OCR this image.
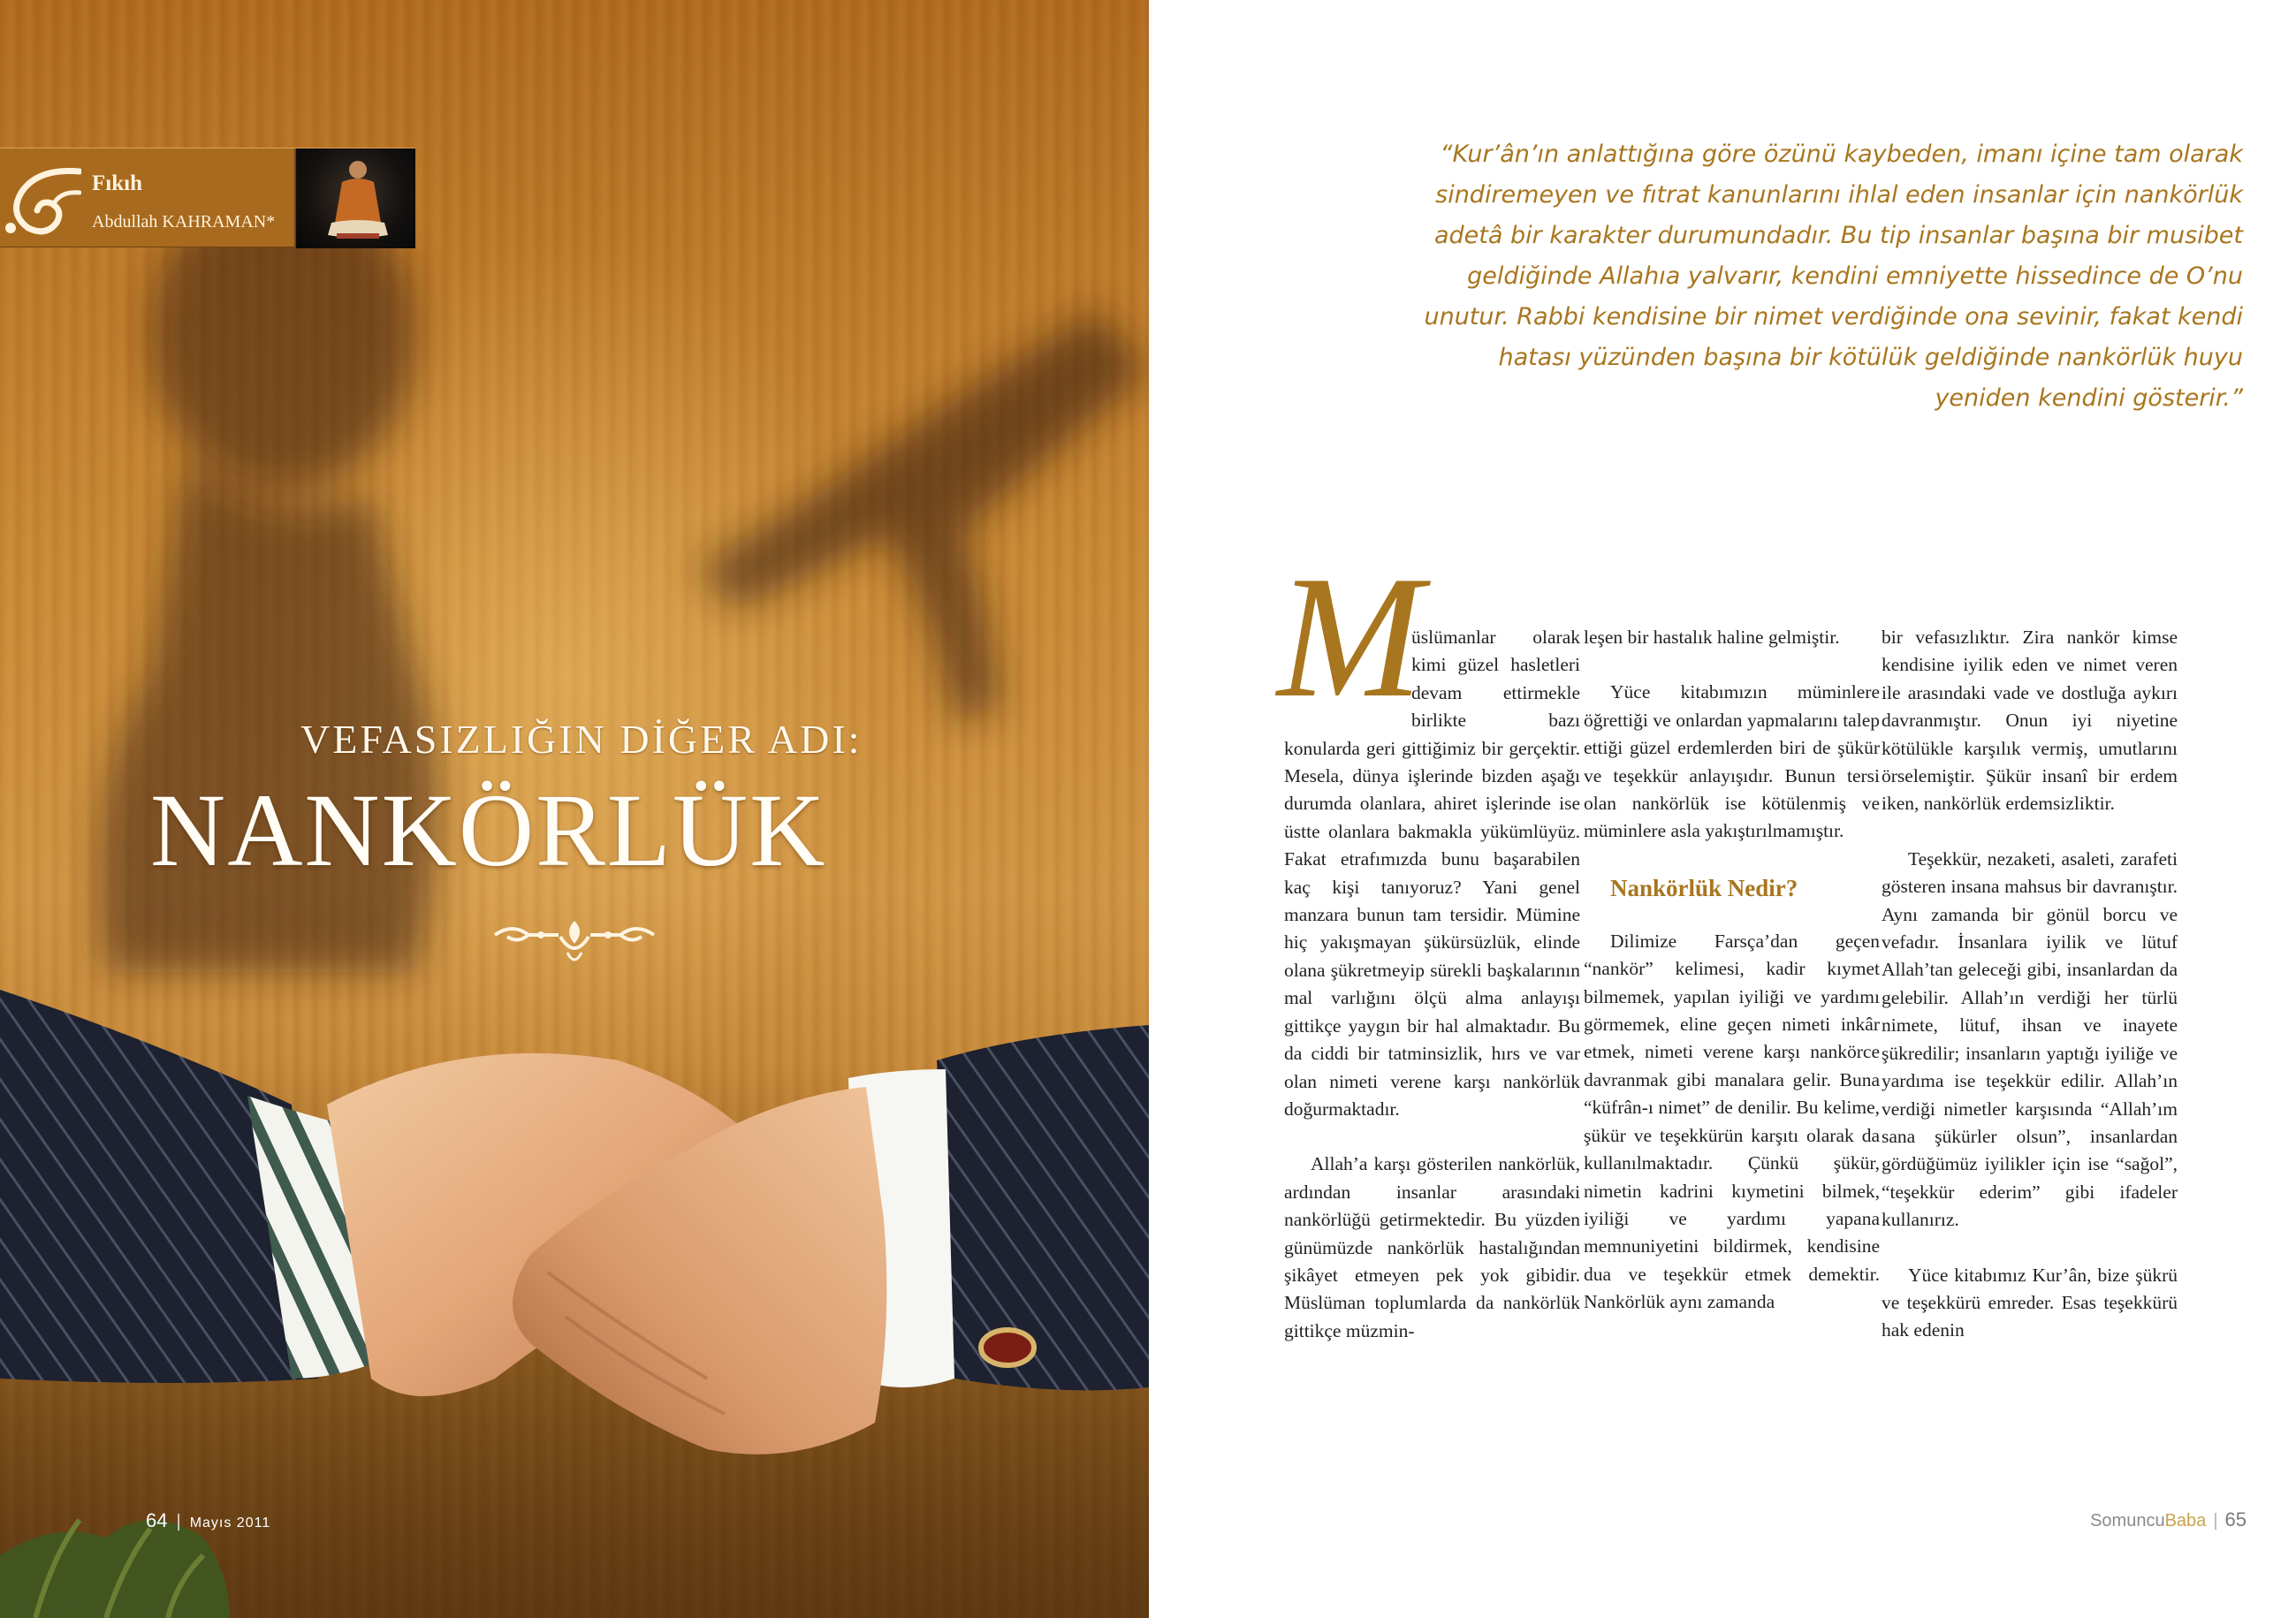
Fıkıh
Abdullah KAHRAMAN*
VEFASIZLIĞIN DİĞER ADI:
NANKÖRLÜK
64 | Mayıs 2011
“Kur’ân’ın anlattığına göre özünü kaybeden, imanı içine tam olarak sindiremeyen ve fıtrat kanunlarını ihlal eden insanlar için nankörlük adetâ bir karakter durumundadır. Bu tip insanlar başına bir musibet geldiğinde Allahıa yalvarır, kendini emniyette hissedince de O’nu unutur. Rabbi kendisine bir nimet verdiğinde ona sevinir, fakat kendi hatası yüzünden başına bir kötülük geldiğinde nankörlük huyu yeniden kendini gösterir.”

M
üslümanlar olarak kimi güzel hasletleri devam ettirmekle birlikte bazı konularda geri gittiğimiz bir gerçektir. Mesela, dünya işlerinde bizden aşağı durumda olanlara, ahiret işlerinde ise üstte olanlara bakmakla yükümlüyüz. Fakat etrafımızda bunu başarabilen kaç kişi tanıyoruz? Yani genel manzara bunun tam tersidir. Mümine hiç yakışmayan şükürsüzlük, elinde olana şükretmeyip sürekli başkalarının mal varlığını ölçü alma anlayışı gittikçe yaygın bir hal almaktadır. Bu da ciddi bir tatminsizlik, hırs ve var olan nimeti verene karşı nankörlük doğurmaktadır.

Allah’a karşı gösterilen nankörlük, ardından insanlar arasındaki nankörlüğü getirmektedir. Bu yüzden günümüzde nankörlük hastalığından şikâyet etmeyen pek yok gibidir. Müslüman toplumlarda da nankörlük gittikçe müzmin-

leşen bir hastalık haline gelmiştir.

Yüce kitabımızın müminlere öğrettiği ve onlardan yapmalarını talep ettiği güzel erdemlerden biri de şükür ve teşekkür anlayışıdır. Bunun tersi olan nankörlük ise kötülenmiş ve müminlere asla yakıştırılmamıştır.

Nankörlük Nedir?

Dilimize Farsça’dan geçen “nankör” kelimesi, kadir kıymet bilmemek, yapılan iyiliği ve yardımı görmemek, eline geçen nimeti inkâr etmek, nimeti verene karşı nankörce davranmak gibi manalara gelir. Buna “küfrân-ı nimet” de denilir. Bu kelime, şükür ve teşekkürün karşıtı olarak da kullanılmaktadır. Çünkü şükür, nimetin kadrini kıymetini bilmek, iyiliği ve yardımı yapana memnuniyetini bildirmek, kendisine dua ve teşekkür etmek demektir. Nankörlük aynı zamanda

bir vefasızlıktır. Zira nankör kimse kendisine iyilik eden ve nimet veren ile arasındaki vade ve dostluğa aykırı davranmıştır. Onun iyi niyetine kötülükle karşılık vermiş, umutlarını örselemiştir. Şükür insanî bir erdem iken, nankörlük erdemsizliktir.

Teşekkür, nezaketi, asaleti, zarafeti gösteren insana mahsus bir davranıştır. Aynı zamanda bir gönül borcu ve vefadır. İnsanlara iyilik ve lütuf Allah’tan geleceği gibi, insanlardan da gelebilir. Allah’ın verdiği her türlü nimete, lütuf, ihsan ve inayete şükredilir; insanların yaptığı iyiliğe ve yardıma ise teşekkür edilir. Allah’ın verdiği nimetler karşısında “Allah’ım sana şükürler olsun”, insanlardan gördüğümüz iyilikler için ise “sağol”, “teşekkür ederim” gibi ifadeler kullanırız.

Yüce kitabımız Kur’ân, bize şükrü ve teşekkürü emreder. Esas teşekkürü hak edenin

SomuncuBaba | 65
